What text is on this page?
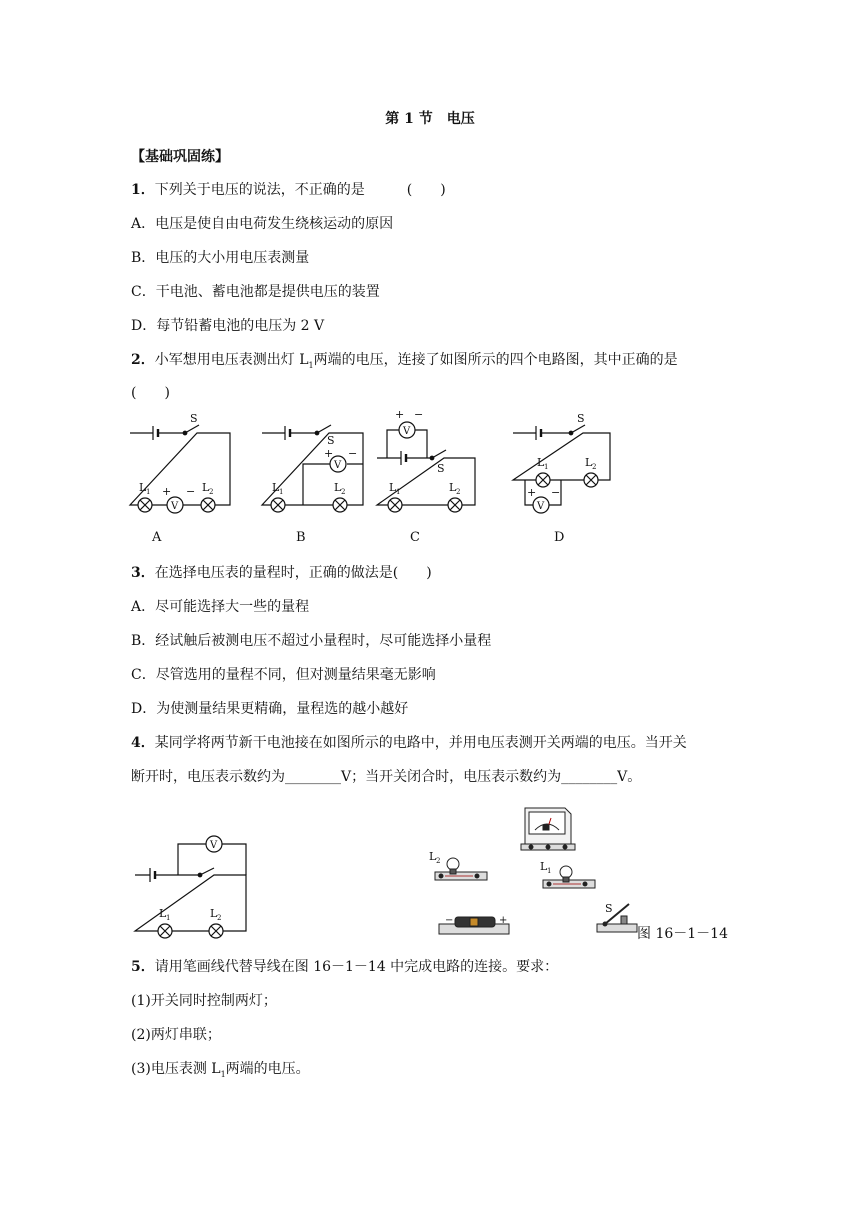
第 1 节　电压
【基础巩固练】
1．下列关于电压的说法，不正确的是　　　(　　)
A．电压是使自由电荷发生绕核运动的原因
B．电压的大小用电压表测量
C．干电池、蓄电池都是提供电压的装置
D．每节铅蓄电池的电压为 2 V
2．小军想用电压表测出灯 $L_1$两端的电压，连接了如图所示的四个电路图，其中正确的是
(　　)
S
V
+ −
L 1	L 2
S
V
+ −
L 1	L 2
S
V
+ −
L 1	L 2
S
V
+ −
L 1	L 2
A	B	C	D
3．在选择电压表的量程时，正确的做法是(　　)
A．尽可能选择大一些的量程
B．经试触后被测电压不超过小量程时，尽可能选择小量程
C．尽管选用的量程不同，但对测量结果毫无影响
D．为使测量结果更精确，量程选的越小越好
4．某同学将两节新干电池接在如图所示的电路中，并用电压表测开关两端的电压。当开关
断开时，电压表示数约为________V；当开关闭合时，电压表示数约为________V。
V
L 1	L 2
L 2	L 1
S
−	+
图 16－1－14
5．请用笔画线代替导线在图 16－1－14 中完成电路的连接。要求：
(1)开关同时控制两灯；
(2)两灯串联；
(3)电压表测 $L_1$两端的电压。
